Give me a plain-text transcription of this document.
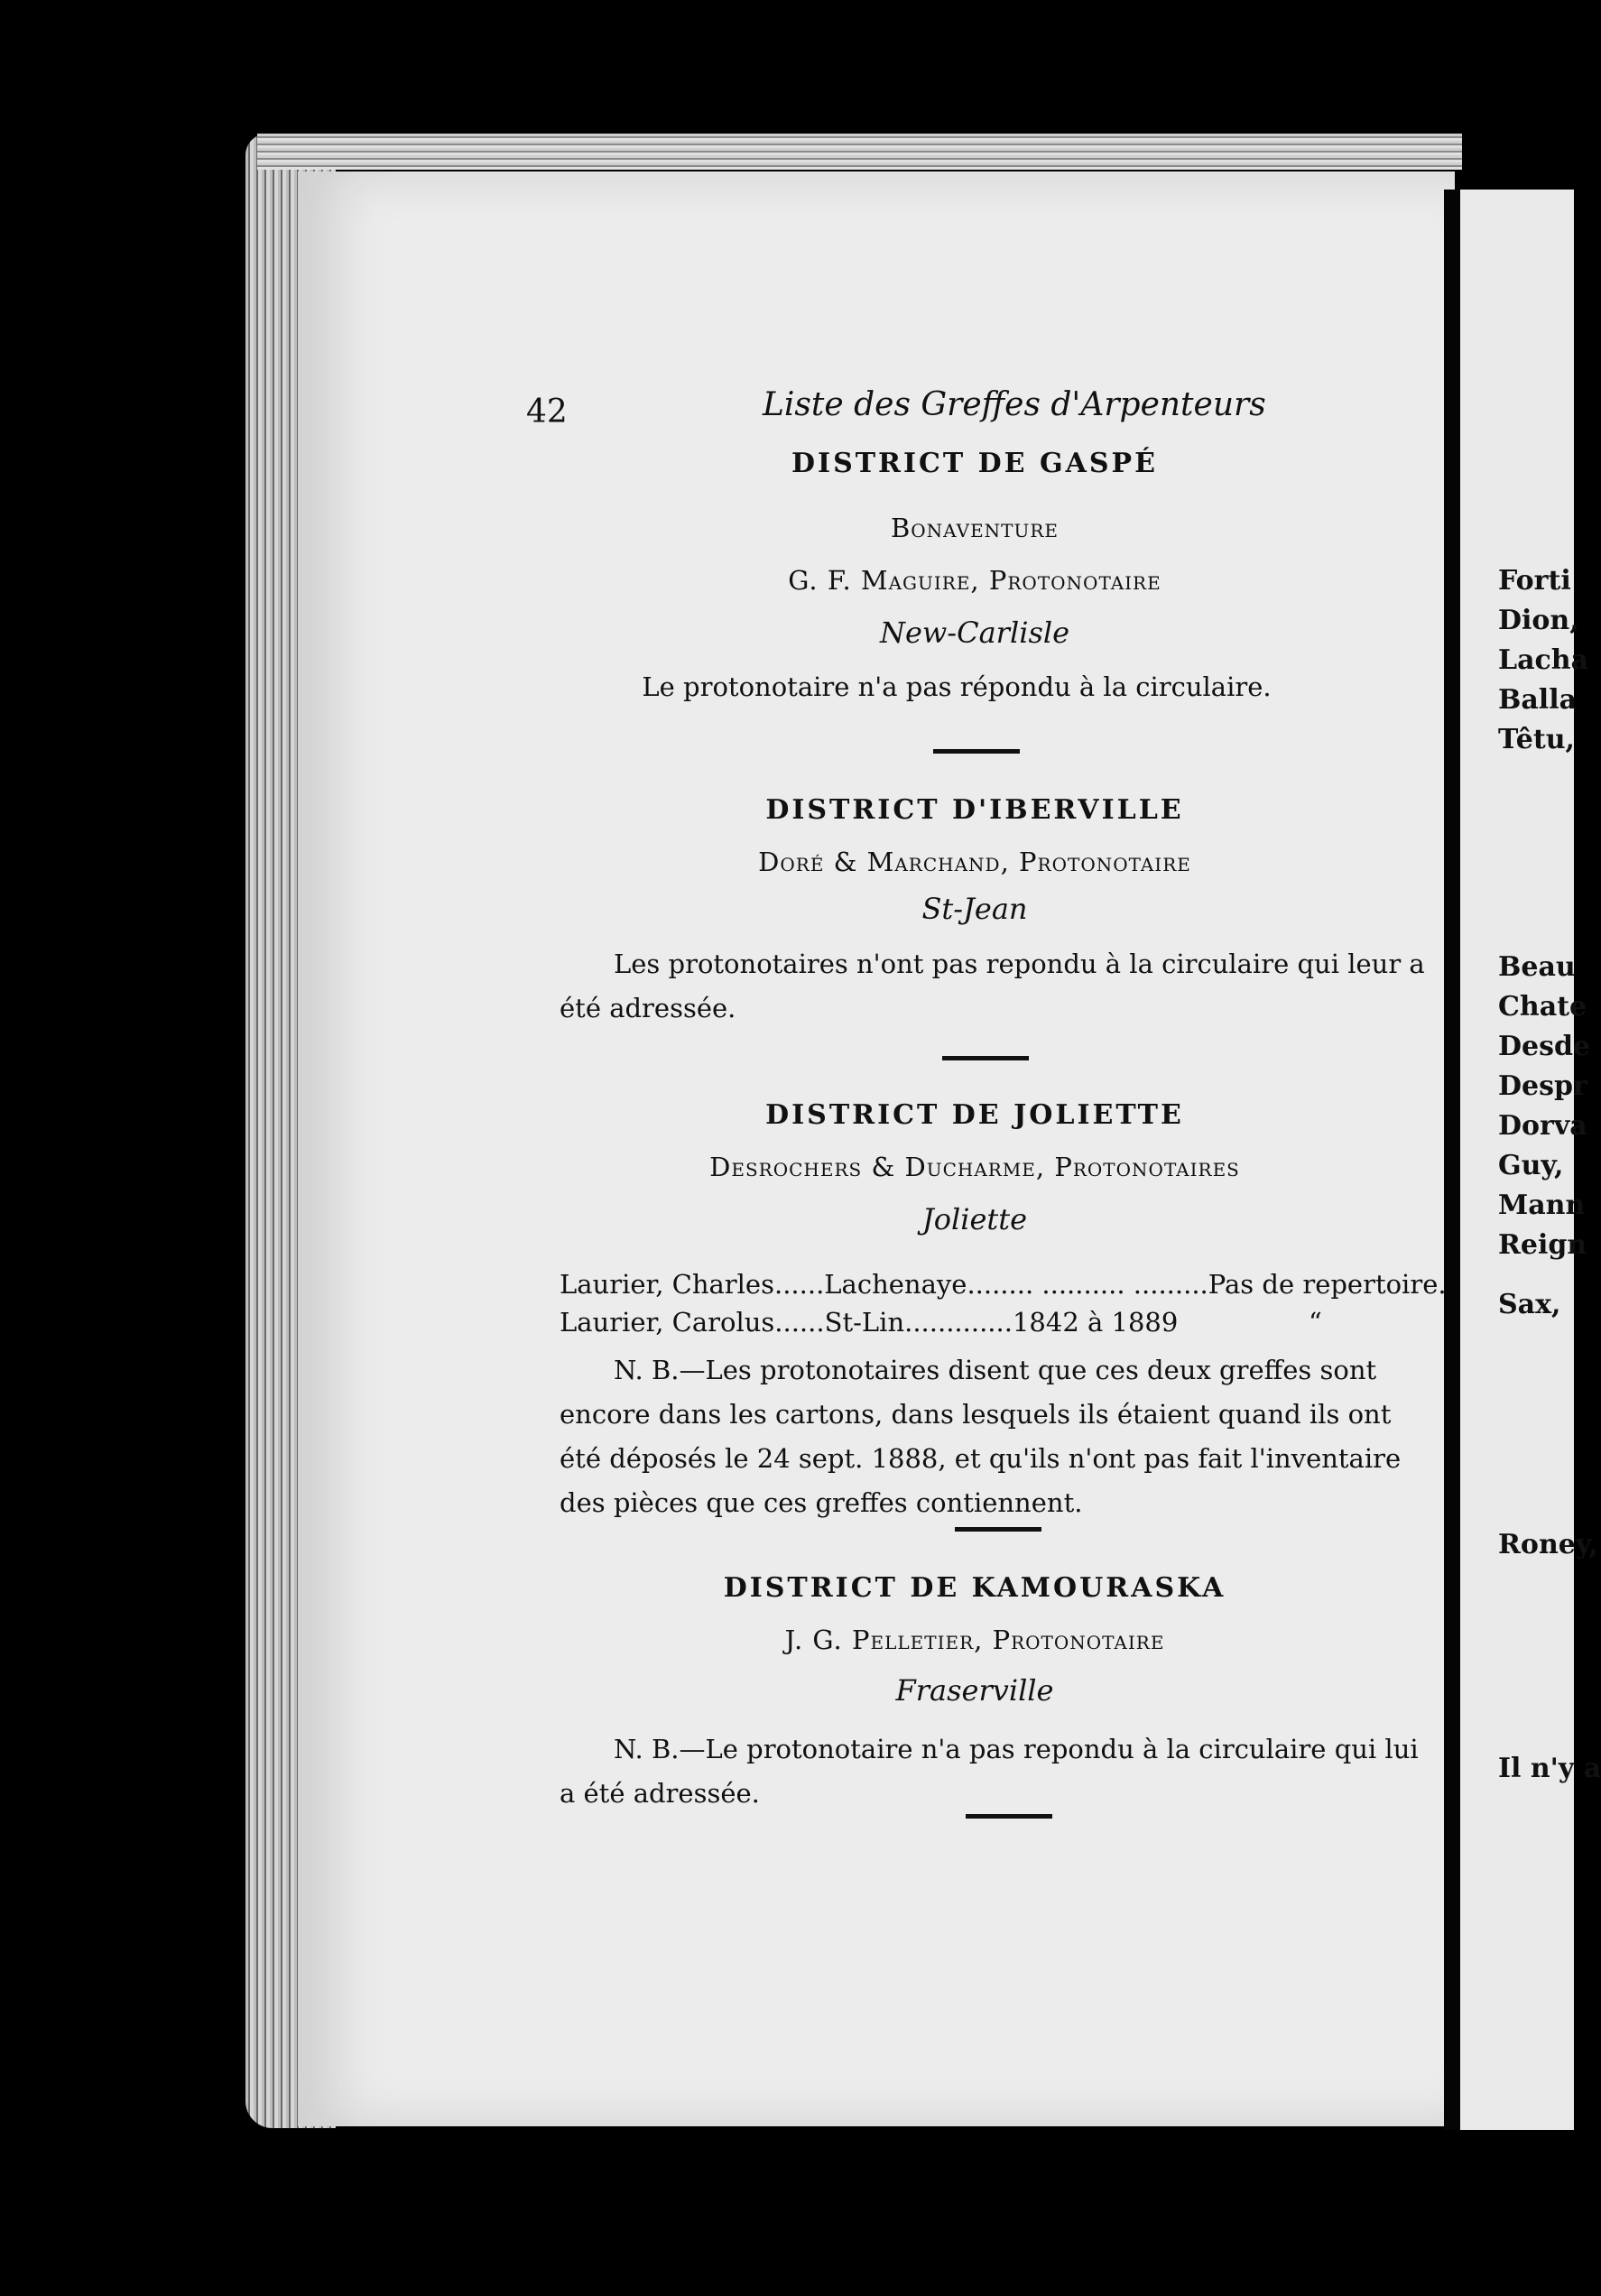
Forti
Dion,
Lacha
Balla
Têtu,
Beau
Chate
Desde
Despr
Dorva
Guy,
Mann
Reign
Sax,
Roney,
Il n'y a
42	Liste des Greffes d'Arpenteurs
DISTRICT DE GASPÉ
Bonaventure
G. F. Maguire, Protonotaire
New-Carlisle
Le protonotaire n'a pas répondu à la circulaire.
DISTRICT D'IBERVILLE
Doré & Marchand, Protonotaire
St-Jean
Les protonotaires n'ont pas repondu à la circulaire qui leur a été adressée.
DISTRICT DE JOLIETTE
Desrochers & Ducharme, Protonotaires
Joliette
Laurier, Charles......Lachenaye........ .......... .........Pas de repertoire.
Laurier, Carolus......St-Lin.............1842 à 1889	“
N. B.—Les protonotaires disent que ces deux greffes sont encore dans les cartons, dans lesquels ils étaient quand ils ont été déposés le 24 sept. 1888, et qu'ils n'ont pas fait l'inventaire des pièces que ces greffes contiennent.
DISTRICT DE KAMOURASKA
J. G. Pelletier, Protonotaire
Fraserville
N. B.—Le protonotaire n'a pas repondu à la circulaire qui lui a été adressée.
